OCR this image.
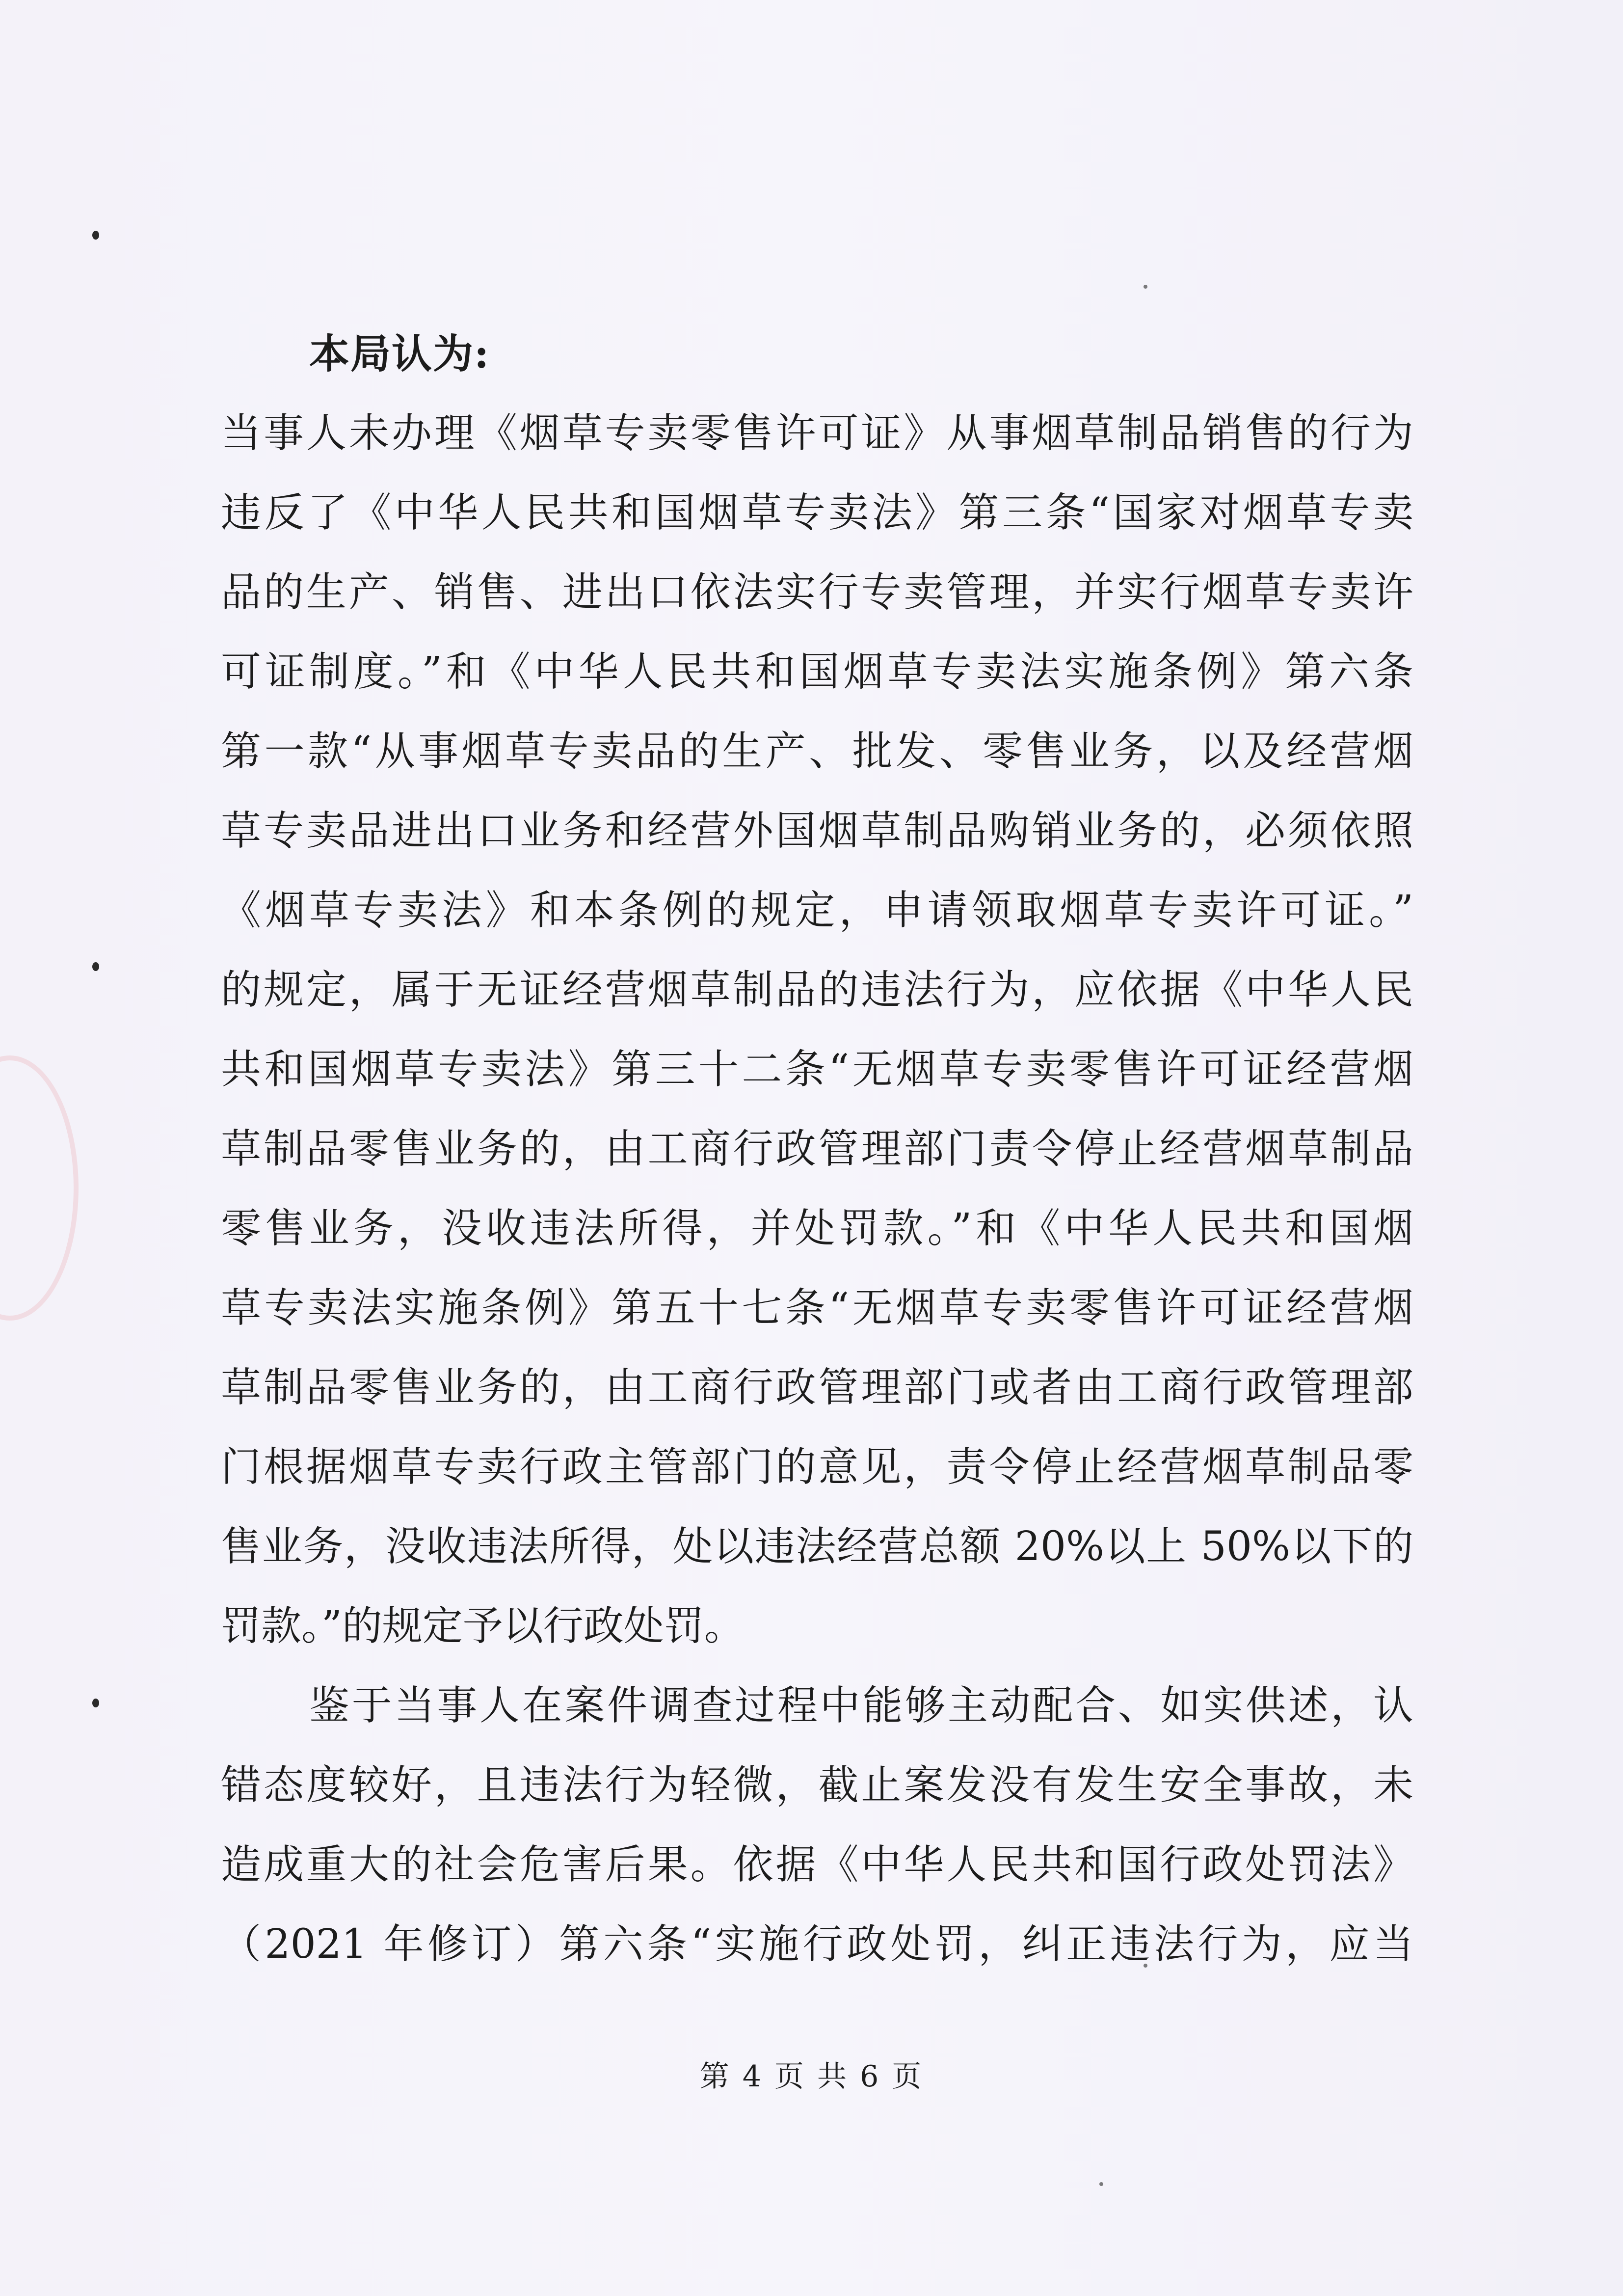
本局认为:

当事人未办理《烟草专卖零售许可证》从事烟草制品销售的行为

违反了《中华人民共和国烟草专卖法》第三条“国家对烟草专卖

品的生产、销售、进出口依法实行专卖管理，并实行烟草专卖许

可证制度。”和《中华人民共和国烟草专卖法实施条例》第六条

第一款“从事烟草专卖品的生产、批发、零售业务，以及经营烟

草专卖品进出口业务和经营外国烟草制品购销业务的，必须依照

《烟草专卖法》和本条例的规定，申请领取烟草专卖许可证。”

的规定，属于无证经营烟草制品的违法行为，应依据《中华人民

共和国烟草专卖法》第三十二条“无烟草专卖零售许可证经营烟

草制品零售业务的，由工商行政管理部门责令停止经营烟草制品

零售业务，没收违法所得，并处罚款。”和《中华人民共和国烟

草专卖法实施条例》第五十七条“无烟草专卖零售许可证经营烟

草制品零售业务的，由工商行政管理部门或者由工商行政管理部

门根据烟草专卖行政主管部门的意见，责令停止经营烟草制品零

售业务，没收违法所得，处以违法经营总额 20%以上 50%以下的

罚款。”的规定予以行政处罚。

鉴于当事人在案件调查过程中能够主动配合、如实供述，认

错态度较好，且违法行为轻微，截止案发没有发生安全事故，未

造成重大的社会危害后果。依据《中华人民共和国行政处罚法》

（2021 年修订）第六条“实施行政处罚，纠正违法行为，应当

第 4 页 共 6 页
